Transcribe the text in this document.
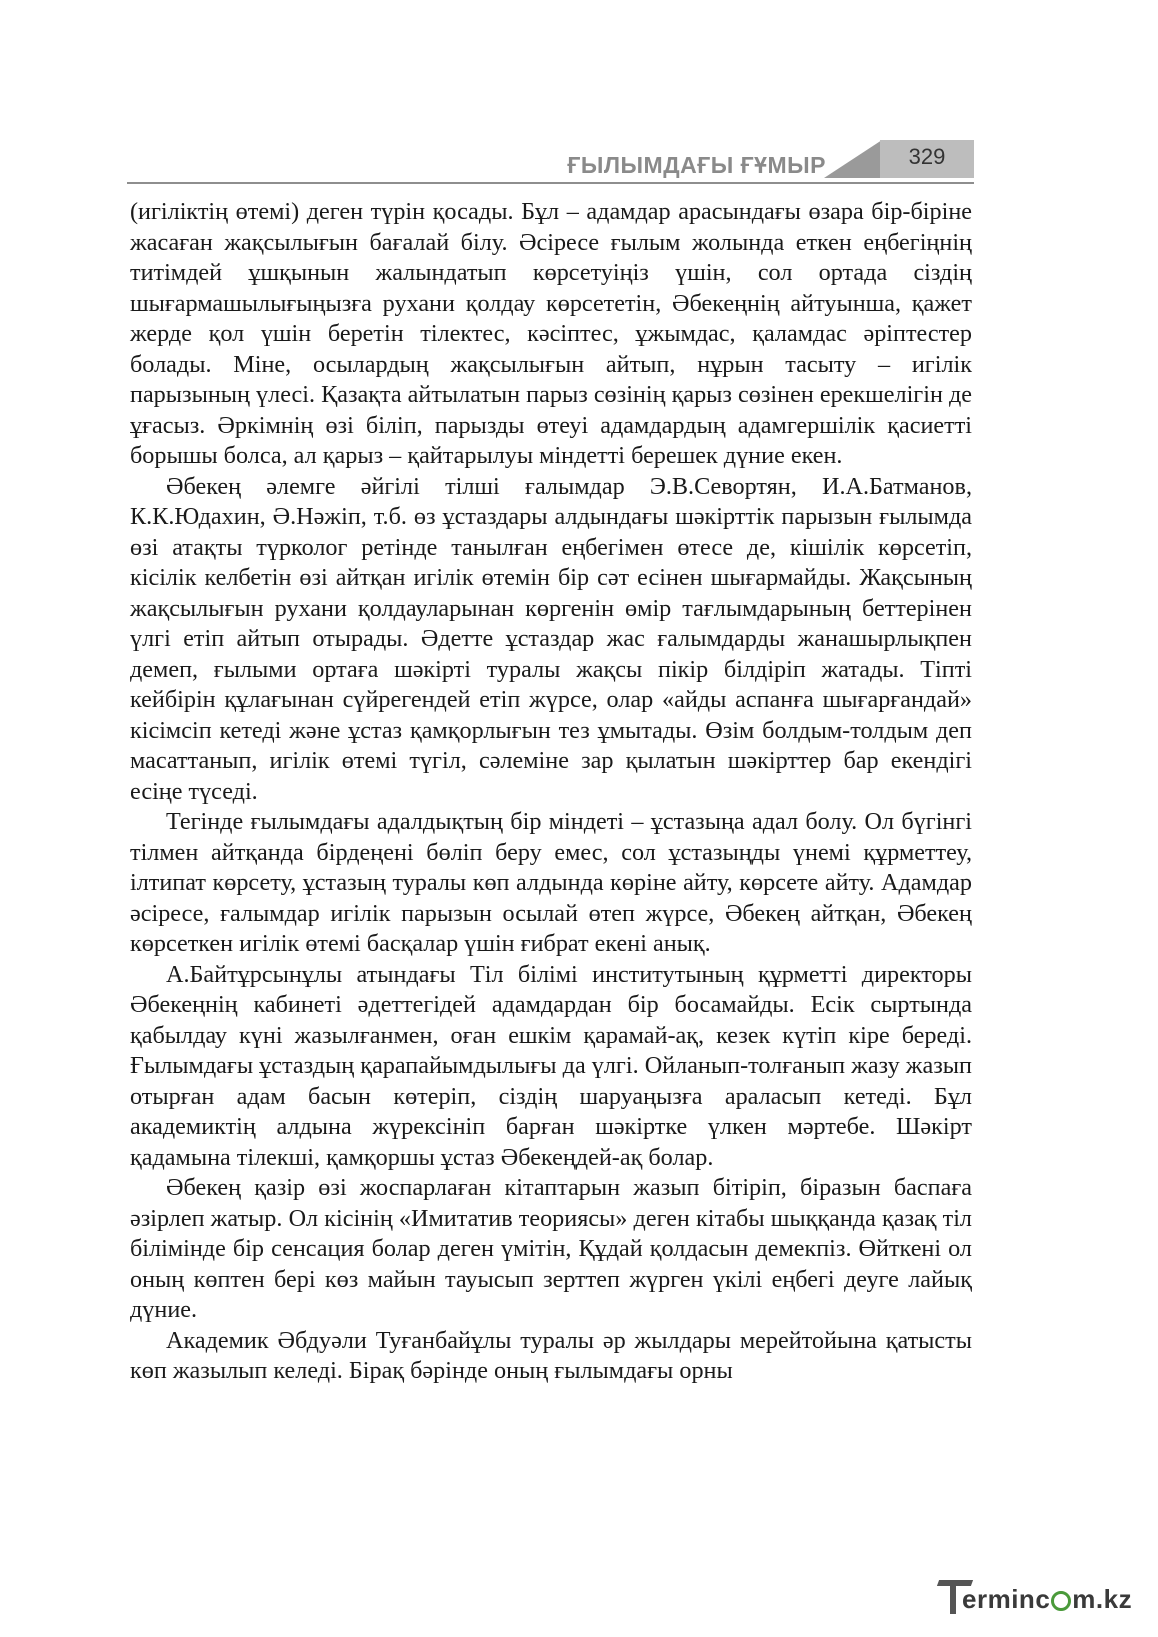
ҒЫЛЫМДАҒЫ ҒҰМЫР	329

(игіліктің өтемі) деген түрін қосады. Бұл – адамдар арасындағы өзара бір-біріне жасаған жақсылығын бағалай білу. Әсіресе ғылым жолында еткен еңбегіңнің титімдей ұшқынын жалындатып көрсетуіңіз үшін, сол ортада сіздің шығармашылығыңызға рухани қолдау көрсететін, Әбекеңнің айтуынша, қажет жерде қол үшін беретін тілектес, кәсіптес, ұжымдас, қаламдас әріптестер болады. Міне, осылардың жақсылығын айтып, нұрын тасыту – игілік парызының үлесі. Қазақта айтылатын парыз сөзінің қарыз сөзінен ерекшелігін де ұғасыз. Әркімнің өзі біліп, парызды өтеуі адамдардың адамгершілік қасиетті борышы болса, ал қарыз – қайтарылуы міндетті берешек дүние екен.

Әбекең әлемге әйгілі тілші ғалымдар Э.В.Севортян, И.А.Батманов, К.К.Юдахин, Ә.Нәжіп, т.б. өз ұстаздары алдындағы шәкірттік парызын ғылымда өзі атақты түрколог ретінде танылған еңбегімен өтесе де, кішілік көрсетіп, кісілік келбетін өзі айтқан игілік өтемін бір сәт есінен шығармайды. Жақсының жақсылығын рухани қолдауларынан көргенін өмір тағлымдарының беттерінен үлгі етіп айтып отырады. Әдетте ұстаздар жас ғалымдарды жанашырлықпен демеп, ғылыми ортаға шәкірті туралы жақсы пікір білдіріп жатады. Тіпті кейбірін құлағынан сүйрегендей етіп жүрсе, олар «айды аспанға шығарғандай» кісімсіп кетеді және ұстаз қамқорлығын тез ұмытады. Өзім болдым-толдым деп масаттанып, игілік өтемі түгіл, сәлеміне зар қылатын шәкірттер бар екендігі есіңе түседі.

Тегінде ғылымдағы адалдықтың бір міндеті – ұстазыңа адал болу. Ол бүгінгі тілмен айтқанда бірдеңені бөліп беру емес, сол ұстазыңды үнемі құрметтеу, ілтипат көрсету, ұстазың туралы көп алдында көріне айту, көрсете айту. Адамдар әсіресе, ғалымдар игілік парызын осылай өтеп жүрсе, Әбекең айтқан, Әбекең көрсеткен игілік өтемі басқалар үшін ғибрат екені анық.

А.Байтұрсынұлы атындағы Тіл білімі институтының құрметті директоры Әбекеңнің кабинеті әдеттегідей адамдардан бір босамайды. Есік сыртында қабылдау күні жазылғанмен, оған ешкім қарамай-ақ, кезек күтіп кіре береді. Ғылымдағы ұстаздың қарапайымдылығы да үлгі. Ойланып-толғанып жазу жазып отырған адам басын көтеріп, сіздің шаруаңызға араласып кетеді. Бұл академиктің алдына жүрексініп барған шәкіртке үлкен мәртебе. Шәкірт қадамына тілекші, қамқоршы ұстаз Әбекеңдей-ақ болар.

Әбекең қазір өзі жоспарлаған кітаптарын жазып бітіріп, біразын баспаға әзірлеп жатыр. Ол кісінің «Имитатив теориясы» деген кітабы шыққанда қазақ тіл білімінде бір сенсация болар деген үмітін, Құдай қолдасын демекпіз. Өйткені ол оның көптен бері көз майын тауысып зерттеп жүрген үкілі еңбегі деуге лайық дүние.

Академик Әбдуәли Туғанбайұлы туралы әр жылдары мерейтойына қатысты көп жазылып келеді. Бірақ бәрінде оның ғылымдағы орны

erminc m.kz
